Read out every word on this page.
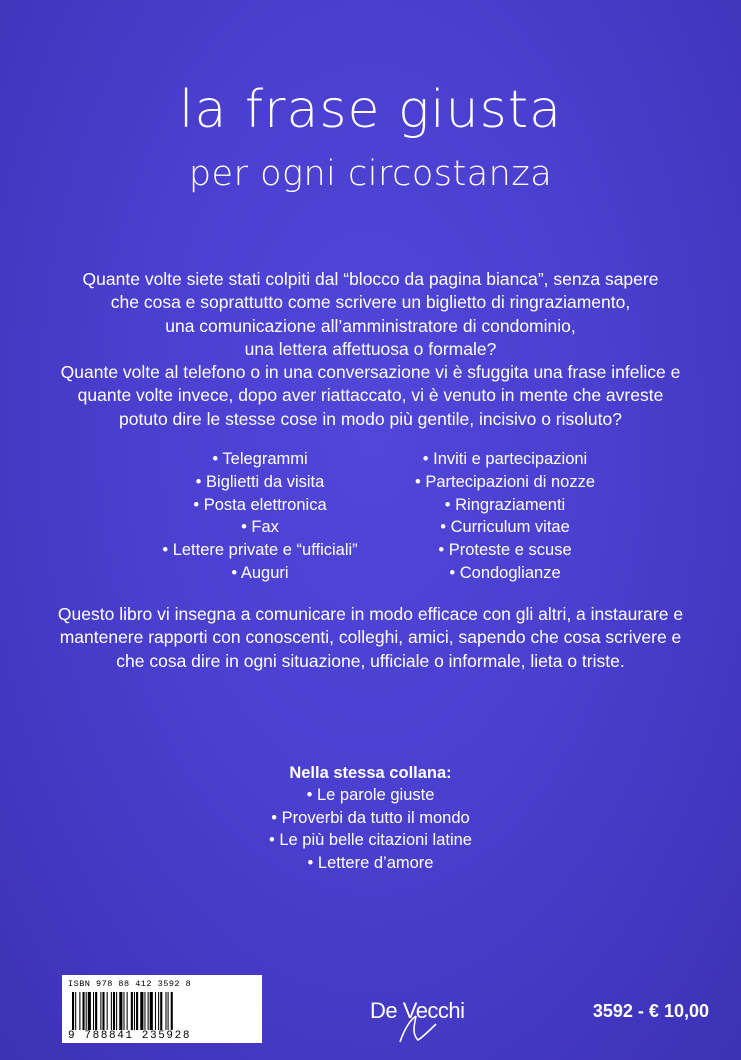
la frase giusta
per ogni circostanza

Quante volte siete stati colpiti dal “blocco da pagina bianca”, senza sapere

che cosa e soprattutto come scrivere un biglietto di ringraziamento,

una comunicazione all’amministratore di condominio,

una lettera affettuosa o formale?

Quante volte al telefono o in una conversazione vi è sfuggita una frase infelice e

quante volte invece, dopo aver riattaccato, vi è venuto in mente che avreste

potuto dire le stesse cose in modo più gentile, incisivo o risoluto?

• Telegrammi
• Biglietti da visita
• Posta elettronica
• Fax
• Lettere private e “ufficiali”
• Auguri
• Inviti e partecipazioni
• Partecipazioni di nozze
• Ringraziamenti
• Curriculum vitae
• Proteste e scuse
• Condoglianze
Questo libro vi insegna a comunicare in modo efficace con gli altri, a instaurare e
mantenere rapporti con conoscenti, colleghi, amici, sapendo che cosa scrivere e
che cosa dire in ogni situazione, ufficiale o informale, lieta o triste.
Nella stessa collana:
• Le parole giuste
• Proverbi da tutto il mondo
• Le più belle citazioni latine
• Lettere d’amore
ISBN 978 88 412 3592 8
9 788841 235928
De Vecchi	3592 - € 10,00
